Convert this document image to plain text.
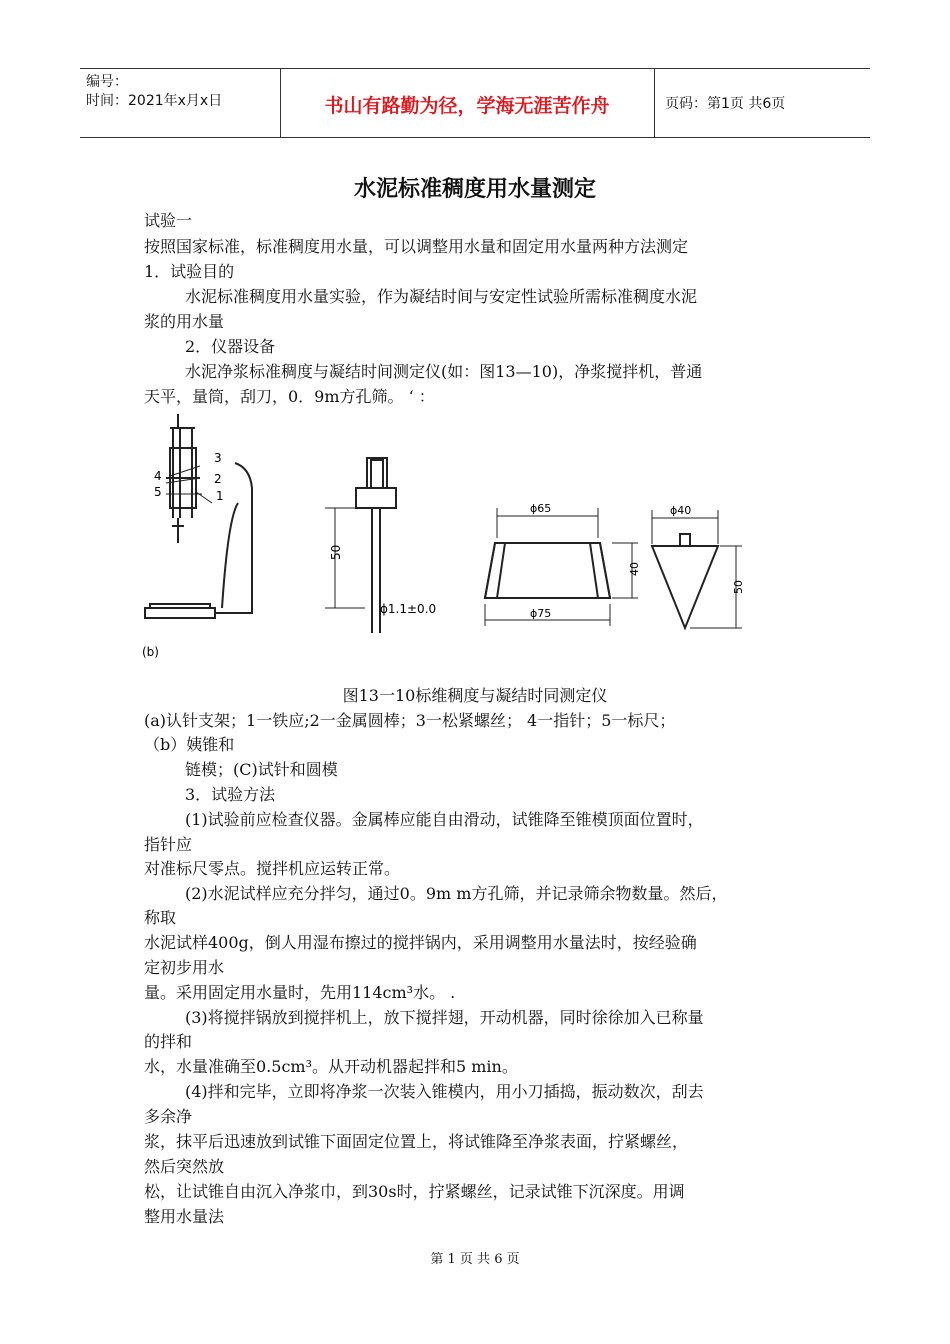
编号：
时间：2021年x月x日	书山有路勤为径，学海无涯苦作舟	页码：第1页 共6页
水泥标准稠度用水量测定
试验一
按照国家标准，标准稠度用水量，可以调整用水量和固定用水量两种方法测定
1．试验目的
水泥标准稠度用水量实验，作为凝结时间与安定性试验所需标准稠度水泥
浆的用水量
2．仪器设备
水泥净浆标准稠度与凝结时间测定仪(如：图13—10)，净浆搅拌机，普通
天平，量筒，刮刀，0．9m方孔筛。 ‘ ：
3
4	2
5	1
(b)
50
ϕ1.1±0.0
ϕ65
ϕ75
40
ϕ40
50
图13一10标维稠度与凝结时同测定仪
(a)认针支架；1一铁应;2一金属圆棒；3一松紧螺丝； 4一指针；5一标尺；
（b）姨锥和
链模；(C)试针和圆模
3．试验方法
(1)试验前应检查仪器。金属棒应能自由滑动，试锥降至锥模顶面位置时，
指针应
对准标尺零点。搅拌机应运转正常。
(2)水泥试样应充分拌匀，通过0。9m m方孔筛，并记录筛余物数量。然后，
称取
水泥试样400g，倒人用湿布擦过的搅拌锅内，采用调整用水量法时，按经验确
定初步用水
量。采用固定用水量时，先用114cm³水。 .
(3)将搅拌锅放到搅拌机上，放下搅拌翅，开动机器，同时徐徐加入已称量
的拌和
水，水量准确至0.5cm³。从开动机器起拌和5 min。
(4)拌和完毕，立即将净浆一次装入锥模内，用小刀插捣，振动数次，刮去
多余净
浆，抹平后迅速放到试锥下面固定位置上，将试锥降至净浆表面，拧紧螺丝，
然后突然放
松，让试锥自由沉入净浆巾，到30s时，拧紧螺丝，记录试锥下沉深度。用调
整用水量法
第 1 页 共 6 页
